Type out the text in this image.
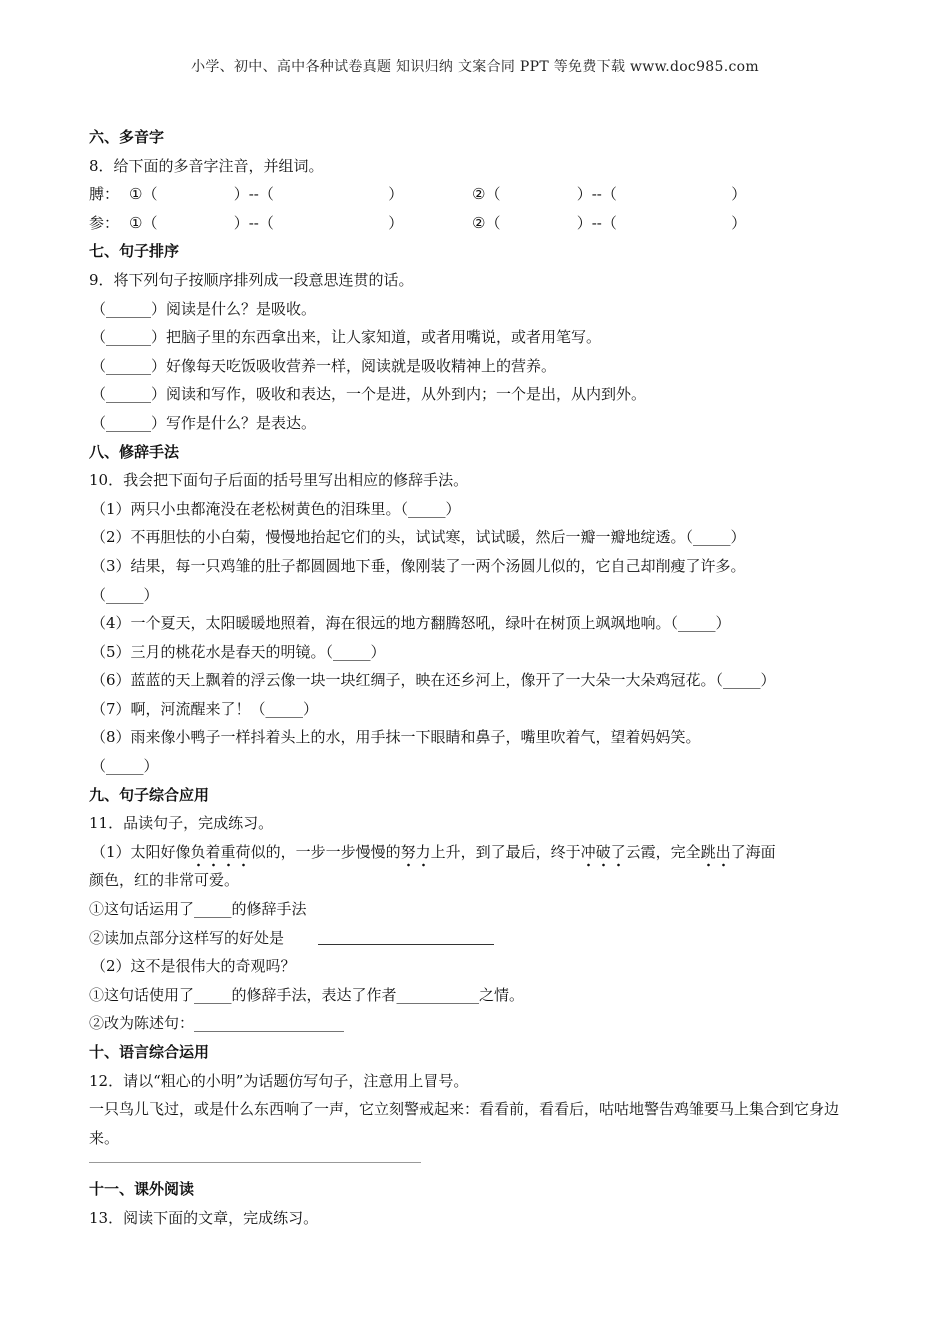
小学、初中、高中各种试卷真题 知识归纳 文案合同 PPT 等免费下载 www.doc985.com
六、多音字
8．给下面的多音字注音，并组词。
膊： ①（                ）--（                        ）	②（                ）--（                        ）
参： ①（                ）--（                        ）	②（                ）--（                        ）
七、句子排序
9．将下列句子按顺序排列成一段意思连贯的话。
（______）阅读是什么？是吸收。
（______）把脑子里的东西拿出来，让人家知道，或者用嘴说，或者用笔写。
（______）好像每天吃饭吸收营养一样，阅读就是吸收精神上的营养。
（______）阅读和写作，吸收和表达，一个是进，从外到内；一个是出，从内到外。
（______）写作是什么？是表达。
八、修辞手法
10．我会把下面句子后面的括号里写出相应的修辞手法。
（1）两只小虫都淹没在老松树黄色的泪珠里。（_____）
（2）不再胆怯的小白菊，慢慢地抬起它们的头，试试寒，试试暖，然后一瓣一瓣地绽透。（_____）
（3）结果，每一只鸡雏的肚子都圆圆地下垂，像刚装了一两个汤圆儿似的，它自己却削瘦了许多。
（_____）
（4）一个夏天，太阳暖暖地照着，海在很远的地方翻腾怒吼，绿叶在树顶上飒飒地响。（_____）
（5）三月的桃花水是春天的明镜。（_____）
（6）蓝蓝的天上飘着的浮云像一块一块红绸子，映在还乡河上，像开了一大朵一大朵鸡冠花。（_____）
（7）啊，河流醒来了！（_____）
（8）雨来像小鸭子一样抖着头上的水，用手抹一下眼睛和鼻子，嘴里吹着气，望着妈妈笑。
（_____）
九、句子综合应用
11．品读句子，完成练习。
（1）太阳好像负着重荷似的，一步一步慢慢的努力上升，到了最后，终于冲破了云霞，完全跳出了海面
颜色，红的非常可爱。
①这句话运用了_____的修辞手法
②读加点部分这样写的好处是
（2）这不是很伟大的奇观吗？
①这句话使用了_____的修辞手法，表达了作者___________之情。
②改为陈述句：____________________
十、语言综合运用
12．请以“粗心的小明”为话题仿写句子，注意用上冒号。
一只鸟儿飞过，或是什么东西响了一声，它立刻警戒起来：看看前，看看后，咕咕地警告鸡雏要马上集合到它身边来。
十一、课外阅读
13．阅读下面的文章，完成练习。
